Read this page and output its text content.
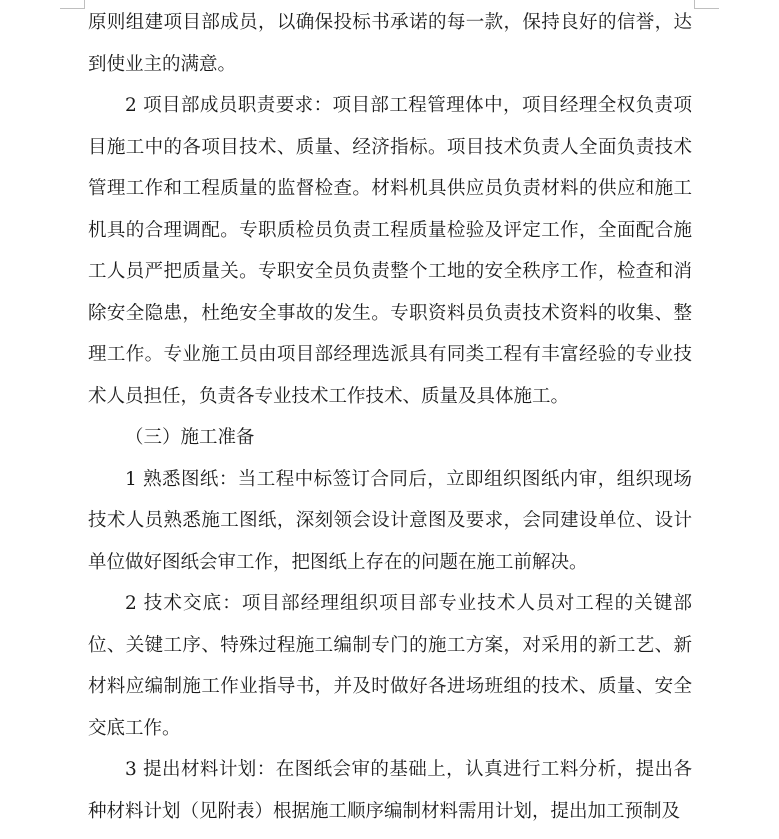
原则组建项目部成员，以确保投标书承诺的每一款，保持良好的信誉，达到使业主的满意。

2 项目部成员职责要求：项目部工程管理体中，项目经理全权负责项目施工中的各项目技术、质量、经济指标。项目技术负责人全面负责技术管理工作和工程质量的监督检查。材料机具供应员负责材料的供应和施工机具的合理调配。专职质检员负责工程质量检验及评定工作，全面配合施工人员严把质量关。专职安全员负责整个工地的安全秩序工作，检查和消除安全隐患，杜绝安全事故的发生。专职资料员负责技术资料的收集、整理工作。专业施工员由项目部经理选派具有同类工程有丰富经验的专业技术人员担任，负责各专业技术工作技术、质量及具体施工。

（三）施工准备

1 熟悉图纸：当工程中标签订合同后，立即组织图纸内审，组织现场技术人员熟悉施工图纸，深刻领会设计意图及要求，会同建设单位、设计单位做好图纸会审工作，把图纸上存在的问题在施工前解决。

2 技术交底：项目部经理组织项目部专业技术人员对工程的关键部位、关键工序、特殊过程施工编制专门的施工方案，对采用的新工艺、新材料应编制施工作业指导书，并及时做好各进场班组的技术、质量、安全交底工作。

3 提出材料计划：在图纸会审的基础上，认真进行工料分析，提出各种材料计划（见附表）根据施工顺序编制材料需用计划，提出加工预制及
